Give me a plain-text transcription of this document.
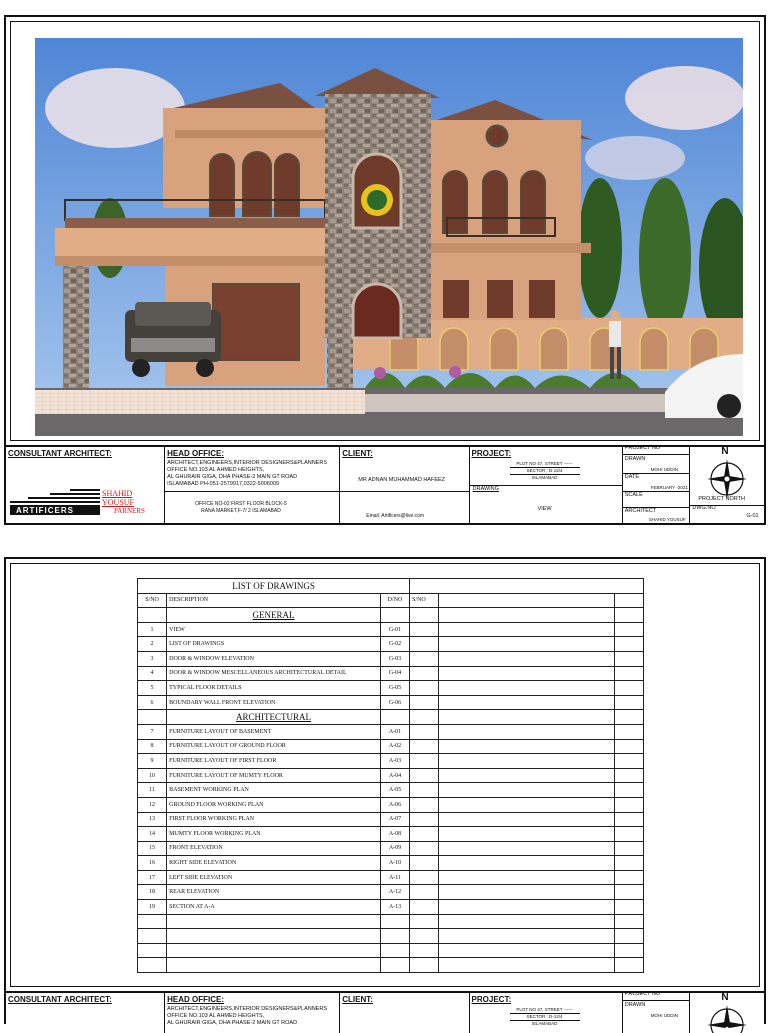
CONSULTANT ARCHITECT:
ARTIFICERS
SHAHID YOUSUF
PARNERS
HEAD OFFICE:
ARCHITECT,ENGINEERS,INTERIOR DESIGNERS&PLANNERS
OFFICE NO.103 AL AHMED HEIGHTS,
AL GHURAIR GIGA, DHA PHASE-2 MAIN GT ROAD
ISLAMABAD PH-051-2579917,0322-5006009
OFFICE NO-02 FIRST FLOOR BLOCK-5
RANA MARKET,F-7/ 2 ISLAMABAD
CLIENT:
MR ADNAN MUHAMMAD HAFEEZ
Email: Artificers@live.com
PROJECT:
PLOT NO 47, STREET ------
SECTOR : D-12/4
ISLAMABAD
DRAWING
VIEW
PROJECT NO
DRAWN
MOHI UDDIN
DATE
FEBRUARY -2021
SCALE
ARCHITECT
SHAHID YOUSUF
N
PROJECT NORTH
DWG.NO
G-01
LIST OF DRAWINGS					
S/NO	DESCRIPTION	D/NO	S/NO		
	GENERAL				
1	VIEW	G-01			
2	LIST OF DRAWINGS	G-02			
3	DOOR & WINDOW ELEVATION	G-03			
4	DOOR & WINDOW MESCELLANEOUS ARCHITECTURAL DETAIL	G-04			
5	TYPICAL FLOOR DETAILS	G-05			
6	BOUNDARY WALL FRONT ELEVATION	G-06			
	ARCHITECTURAL				
7	FURNITURE LAYOUT OF BASEMENT	A-01			
8	FURNITURE LAYOUT OF GROUND FLOOR	A-02			
9	FURNITURE LAYOUT OF FIRST FLOOR	A-03			
10	FURNITURE LAYOUT OF MUMTY FLOOR	A-04			
11	BASEMENT WORKING PLAN	A-05			
12	GROUND FLOOR WORKING PLAN	A-06			
13	FIRST FLOOR WORKING PLAN	A-07			
14	MUMTY FLOOR WORKING PLAN	A-08			
15	FRONT ELEVATION	A-09			
16	RIGHT SIDE ELEVATION	A-10			
17	LEFT SIDE ELEVATION	A-11			
18	REAR ELEVATION	A-12			
19	SECTION AT A-A	A-13			

CONSULTANT ARCHITECT:	HEAD OFFICE:
ARCHITECT,ENGINEERS,INTERIOR DESIGNERS&PLANNERS
OFFICE NO.103 AL AHMED HEIGHTS,
AL GHURAIR GIGA, DHA PHASE-2 MAIN GT ROAD
CLIENT:	PROJECT:
PLOT NO 47, STREET ------
SECTOR : D-12/4
ISLAMABAD
PROJECT NO
DRAWN
MOHI UDDIN
N
